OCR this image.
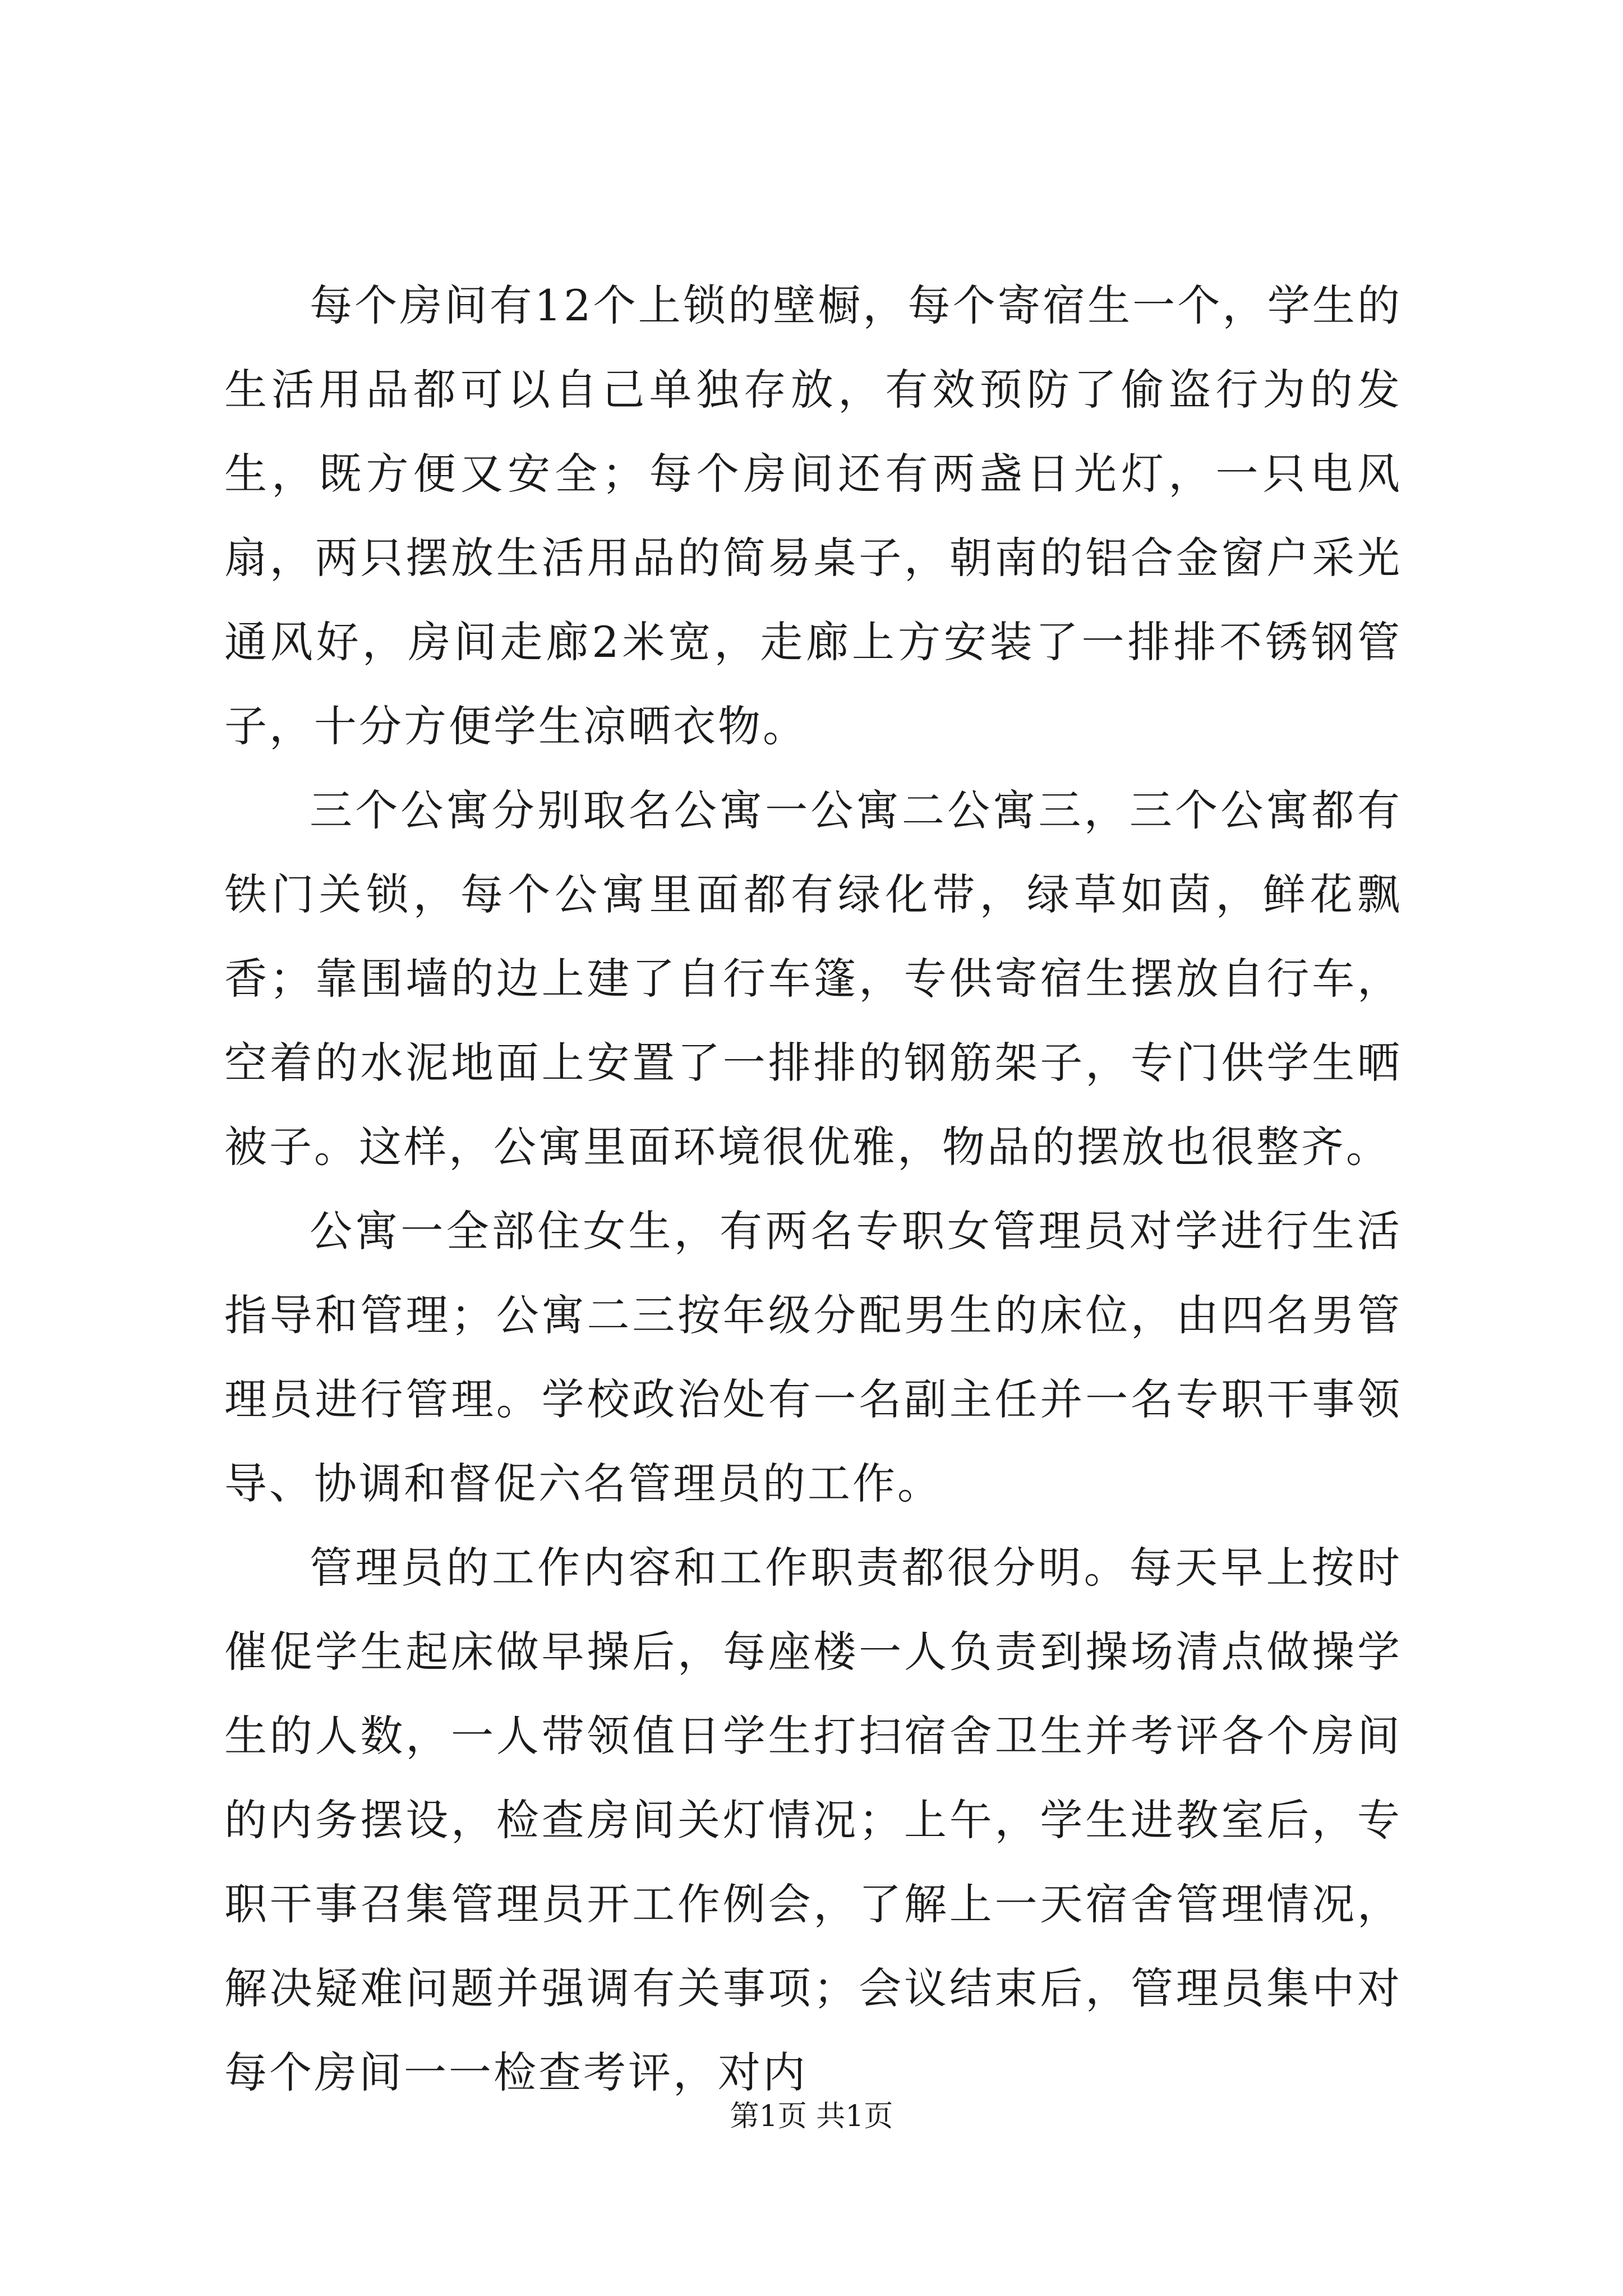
每个房间有12个上锁的壁橱，每个寄宿生一个，学生的生活用品都可以自己单独存放，有效预防了偷盗行为的发生，既方便又安全；每个房间还有两盏日光灯，一只电风扇，两只摆放生活用品的简易桌子，朝南的铝合金窗户采光通风好，房间走廊2米宽，走廊上方安装了一排排不锈钢管子，十分方便学生凉晒衣物。

三个公寓分别取名公寓一公寓二公寓三，三个公寓都有铁门关锁，每个公寓里面都有绿化带，绿草如茵，鲜花飘香；靠围墙的边上建了自行车篷，专供寄宿生摆放自行车，空着的水泥地面上安置了一排排的钢筋架子，专门供学生晒被子。这样，公寓里面环境很优雅，物品的摆放也很整齐。

公寓一全部住女生，有两名专职女管理员对学进行生活指导和管理；公寓二三按年级分配男生的床位，由四名男管理员进行管理。学校政治处有一名副主任并一名专职干事领导、协调和督促六名管理员的工作。

管理员的工作内容和工作职责都很分明。每天早上按时催促学生起床做早操后，每座楼一人负责到操场清点做操学生的人数，一人带领值日学生打扫宿舍卫生并考评各个房间的内务摆设，检查房间关灯情况；上午，学生进教室后，专职干事召集管理员开工作例会，了解上一天宿舍管理情况，解决疑难问题并强调有关事项；会议结束后，管理员集中对每个房间一一检查考评，对内

第1页 共1页
